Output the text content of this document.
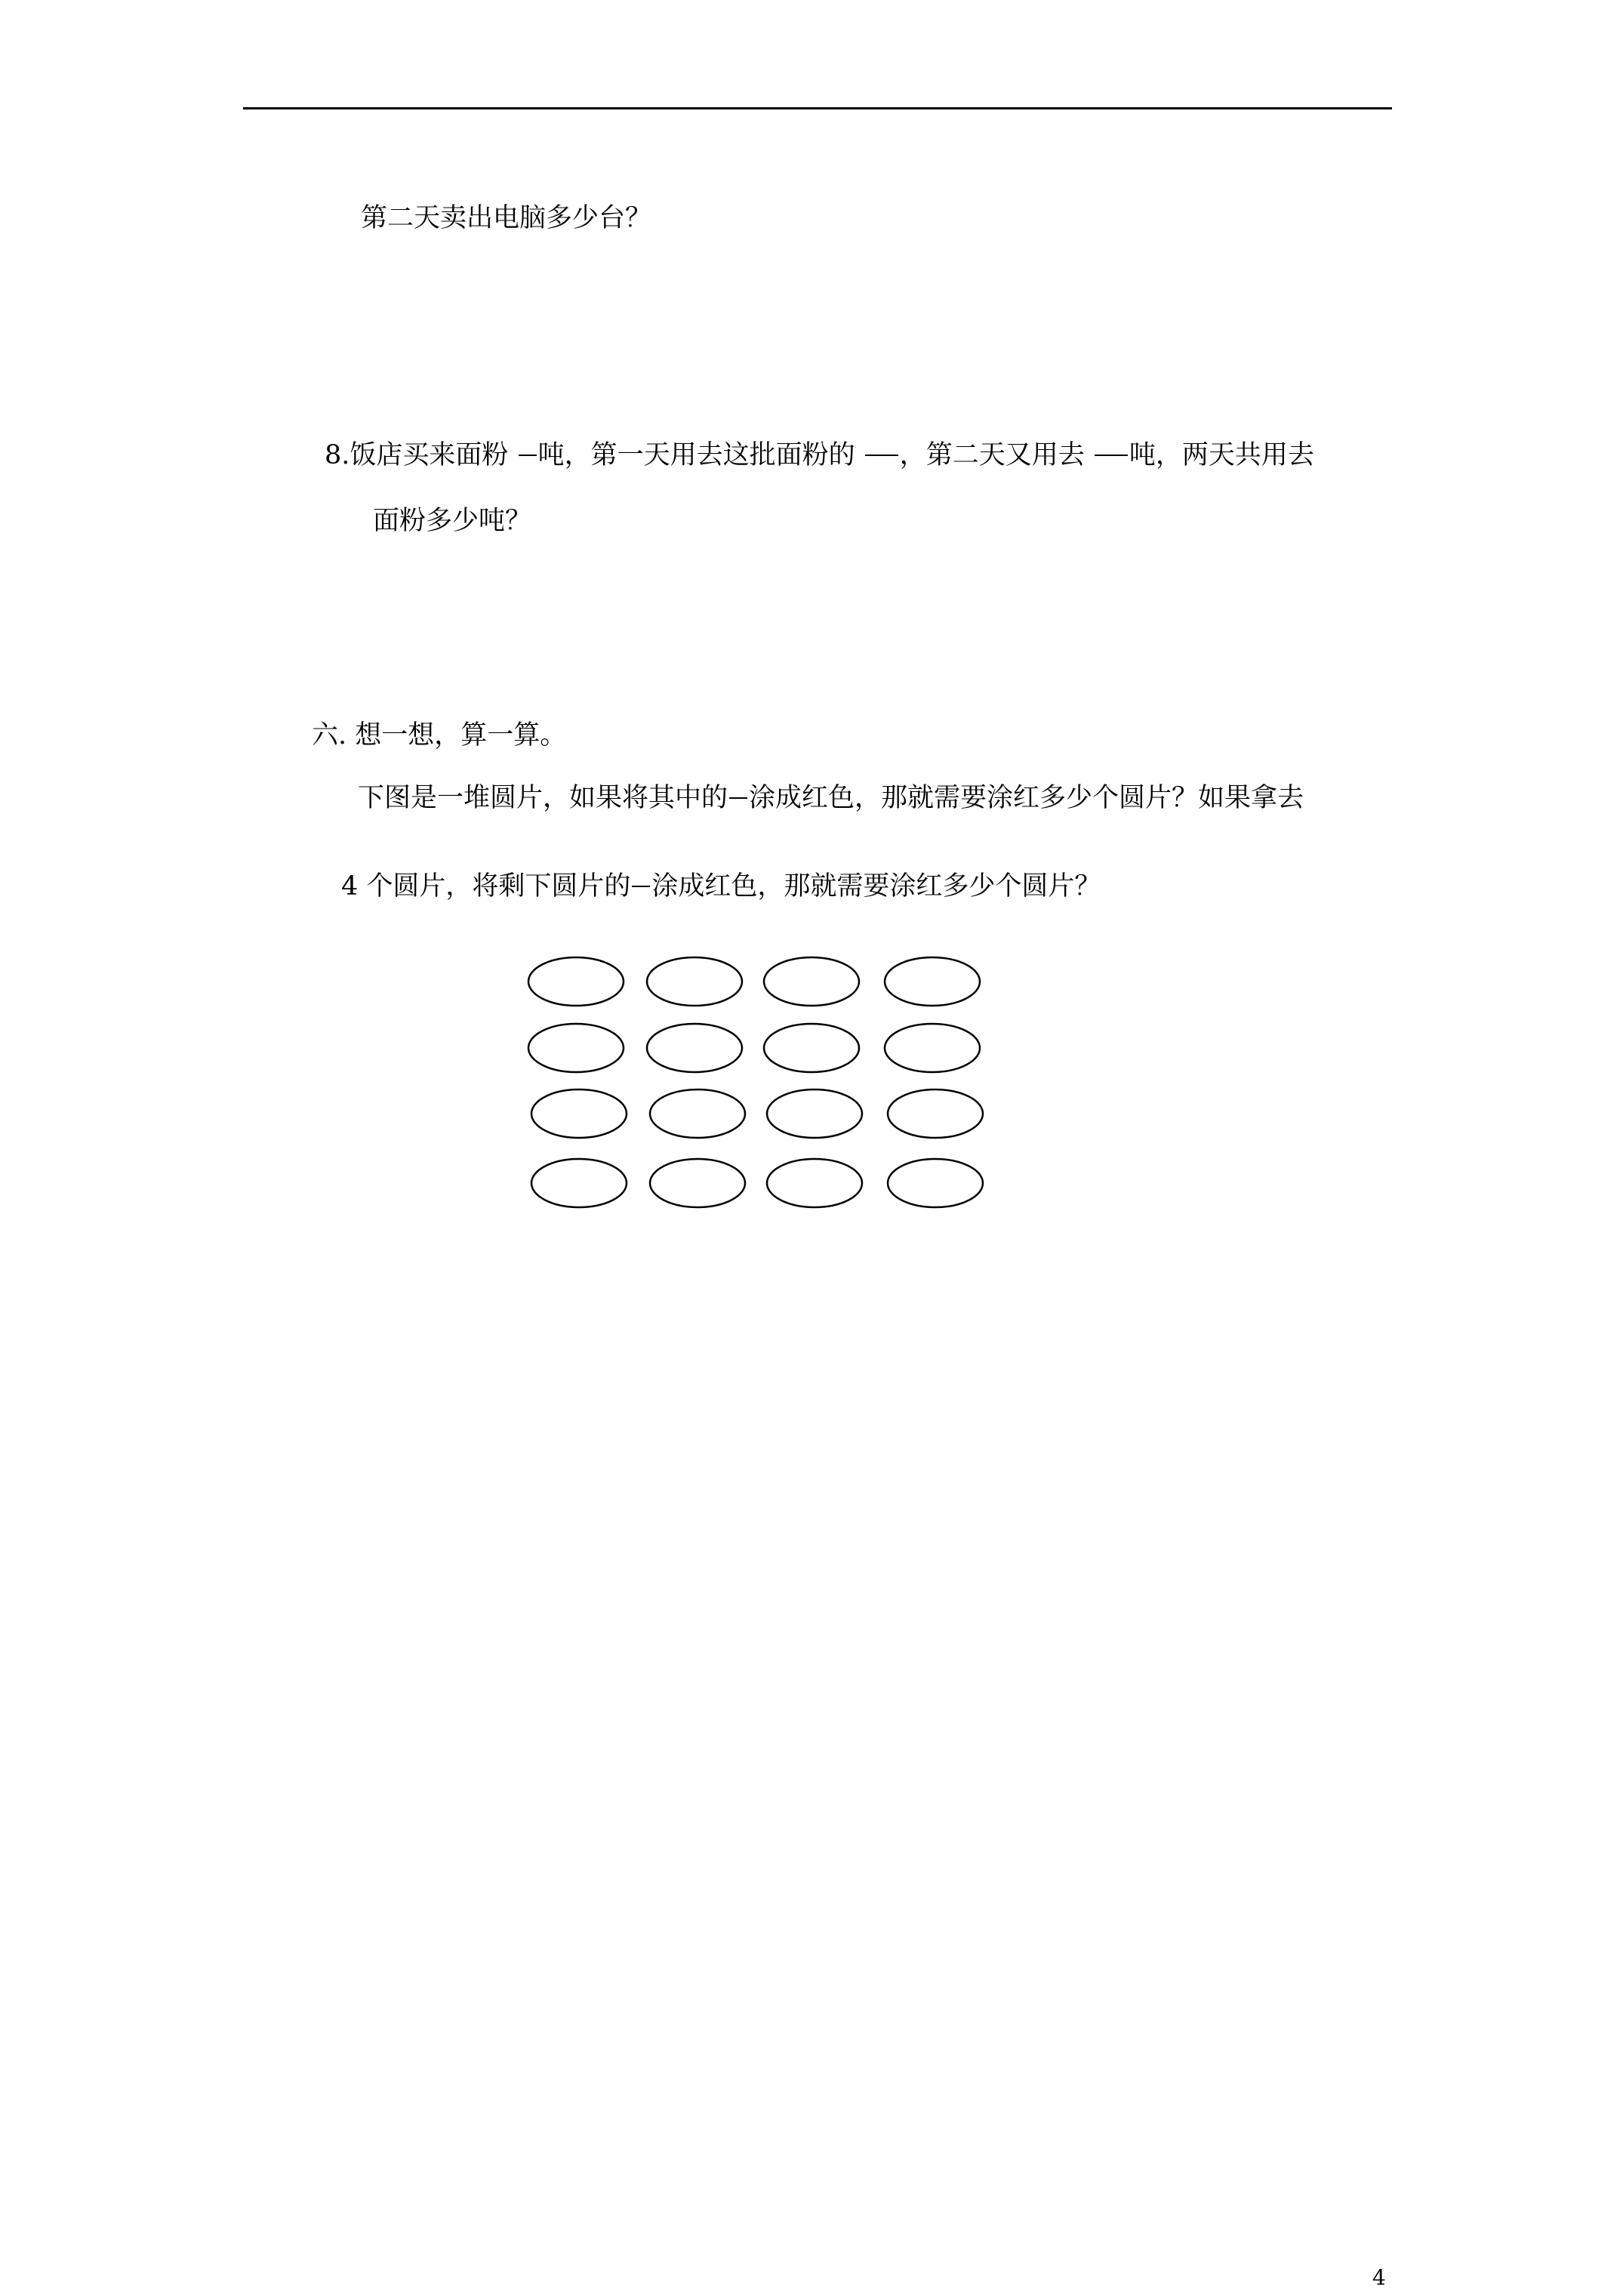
第二天卖出电脑多少台？
8.饭店买来面粉 吨，第一天用去这批面粉的 ，第二天又用去 吨，两天共用去
面粉多少吨？
六. 想一想，算一算。
下图是一堆圆片，如果将其中的 涂成红色，那就需要涂红多少个圆片？如果拿去
4 个圆片，将剩下圆片的 涂成红色，那就需要涂红多少个圆片？
4
